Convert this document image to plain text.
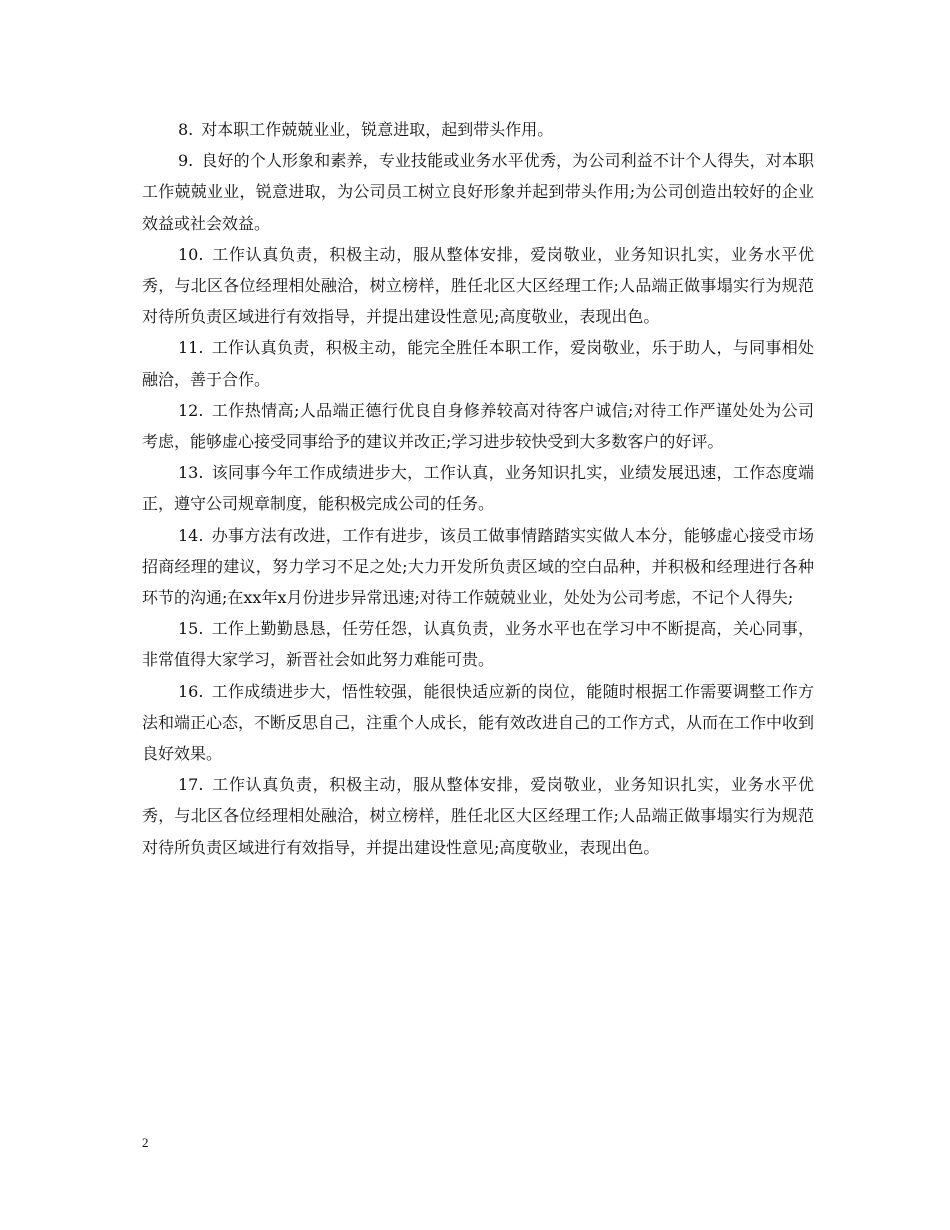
8. 对本职工作兢兢业业，锐意进取，起到带头作用。

9. 良好的个人形象和素养，专业技能或业务水平优秀，为公司利益不计个人得失，对本职工作兢兢业业，锐意进取，为公司员工树立良好形象并起到带头作用;为公司创造出较好的企业效益或社会效益。

10. 工作认真负责，积极主动，服从整体安排，爱岗敬业，业务知识扎实，业务水平优秀，与北区各位经理相处融洽，树立榜样，胜任北区大区经理工作;人品端正做事塌实行为规范对待所负责区域进行有效指导，并提出建设性意见;高度敬业，表现出色。

11. 工作认真负责，积极主动，能完全胜任本职工作，爱岗敬业，乐于助人，与同事相处融洽，善于合作。

12. 工作热情高;人品端正德行优良自身修养较高对待客户诚信;对待工作严谨处处为公司考虑，能够虚心接受同事给予的建议并改正;学习进步较快受到大多数客户的好评。

13. 该同事今年工作成绩进步大，工作认真，业务知识扎实，业绩发展迅速，工作态度端正，遵守公司规章制度，能积极完成公司的任务。

14. 办事方法有改进，工作有进步，该员工做事情踏踏实实做人本分，能够虚心接受市场招商经理的建议，努力学习不足之处;大力开发所负责区域的空白品种，并积极和经理进行各种环节的沟通;在xx年x月份进步异常迅速;对待工作兢兢业业，处处为公司考虑，不记个人得失;

15. 工作上勤勤恳恳，任劳任怨，认真负责，业务水平也在学习中不断提高，关心同事，非常值得大家学习，新晋社会如此努力难能可贵。

16. 工作成绩进步大，悟性较强，能很快适应新的岗位，能随时根据工作需要调整工作方法和端正心态，不断反思自己，注重个人成长，能有效改进自己的工作方式，从而在工作中收到良好效果。

17. 工作认真负责，积极主动，服从整体安排，爱岗敬业，业务知识扎实，业务水平优秀，与北区各位经理相处融洽，树立榜样，胜任北区大区经理工作;人品端正做事塌实行为规范对待所负责区域进行有效指导，并提出建设性意见;高度敬业，表现出色。

2
